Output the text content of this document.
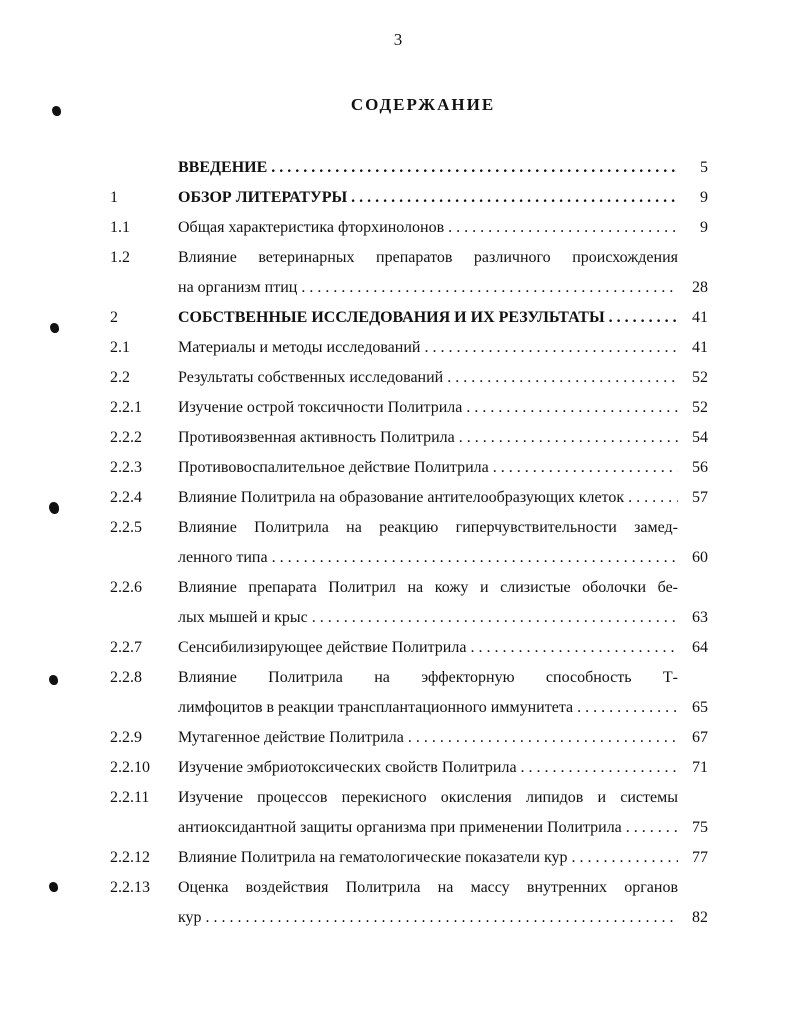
3
СОДЕРЖАНИЕ
ВВЕДЕНИЕ . . .	5
1	ОБЗОР ЛИТЕРАТУРЫ . . .	9
1.1	Общая характеристика фторхинолонов . . .	9
1.2	Влияние ветеринарных препаратов различного происхождения
на организм птиц . . .	28
2	СОБСТВЕННЫЕ ИССЛЕДОВАНИЯ И ИХ РЕЗУЛЬТАТЫ . . .	41
2.1	Материалы и методы исследований . . .	41
2.2	Результаты собственных исследований . . .	52
2.2.1 Изучение острой токсичности Политрила . . .	52
2.2.2 Противоязвенная активность Политрила . . .	54
2.2.3 Противовоспалительное действие Политрила . . .	56
2.2.4 Влияние Политрила на образование антителообразующих клеток . . .	57
2.2.5 Влияние Политрила на реакцию гиперчувствительности замед-
ленного типа . . .	60
2.2.6 Влияние препарата Политрил на кожу и слизистые оболочки бе-
лых мышей и крыс . . .	63
2.2.7 Сенсибилизирующее действие Политрила . . .	64
2.2.8 Влияние Политрила на эффекторную способность Т-
лимфоцитов в реакции трансплантационного иммунитета . . .	65
2.2.9 Мутагенное действие Политрила . . .	67
2.2.10 Изучение эмбриотоксических свойств Политрила . . .	71
2.2.11 Изучение процессов перекисного окисления липидов и системы
антиоксидантной защиты организма при применении Политрила . . .	75
2.2.12 Влияние Политрила на гематологические показатели кур . . .	77
2.2.13 Оценка воздействия Политрила на массу внутренних органов
кур . . .	82
